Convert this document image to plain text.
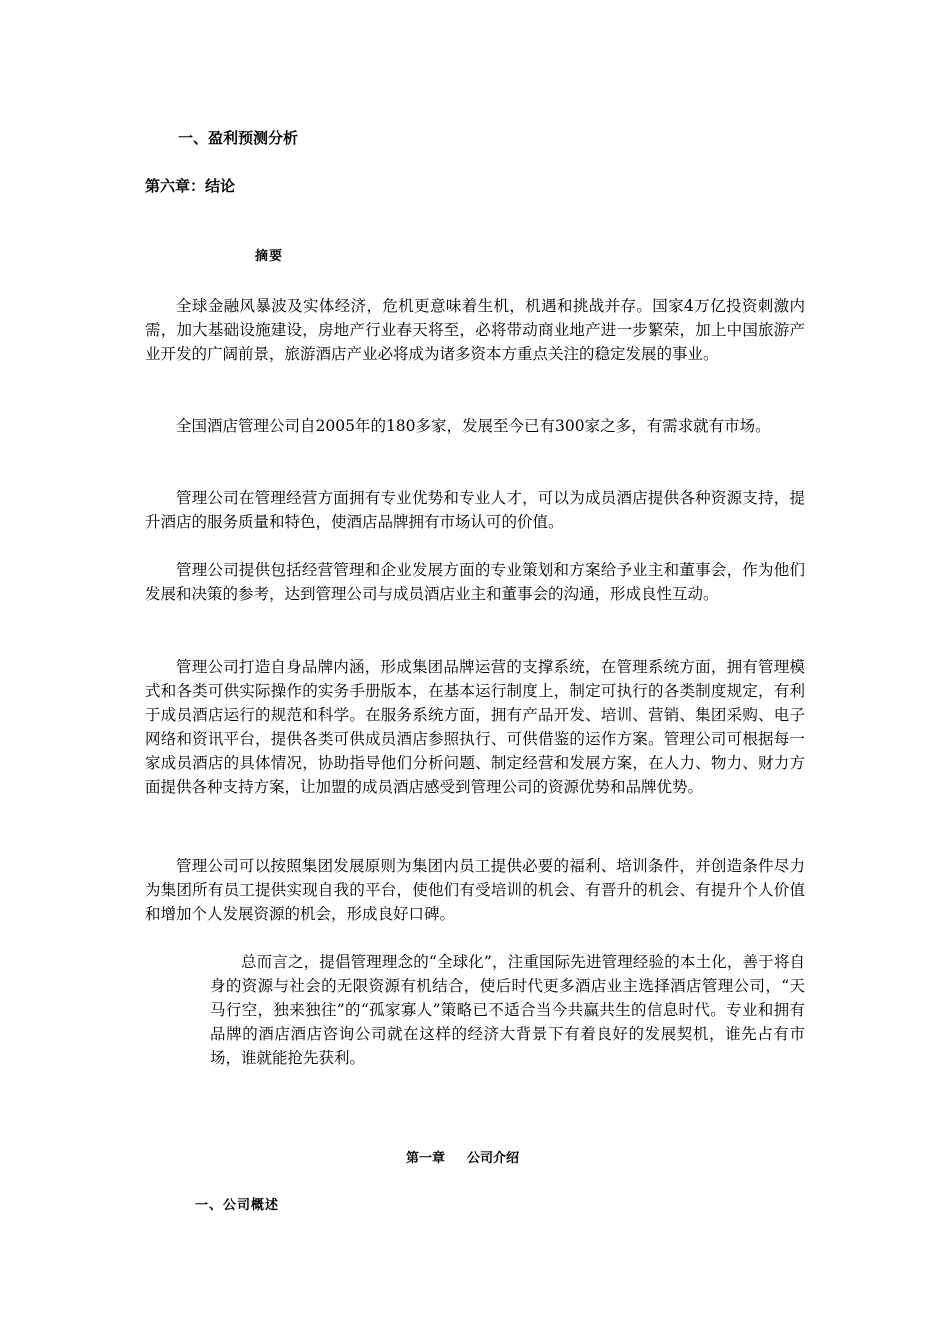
一、盈利预测分析
第六章：结论
摘要

全球金融风暴波及实体经济，危机更意味着生机，机遇和挑战并存。国家4万亿投资刺激内需，加大基础设施建设，房地产行业春天将至，必将带动商业地产进一步繁荣，加上中国旅游产业开发的广阔前景，旅游酒店产业必将成为诸多资本方重点关注的稳定发展的事业。

全国酒店管理公司自2005年的180多家，发展至今已有300家之多，有需求就有市场。

管理公司在管理经营方面拥有专业优势和专业人才，可以为成员酒店提供各种资源支持，提升酒店的服务质量和特色，使酒店品牌拥有市场认可的价值。

管理公司提供包括经营管理和企业发展方面的专业策划和方案给予业主和董事会，作为他们发展和决策的参考，达到管理公司与成员酒店业主和董事会的沟通，形成良性互动。

管理公司打造自身品牌内涵，形成集团品牌运营的支撑系统，在管理系统方面，拥有管理模式和各类可供实际操作的实务手册版本，在基本运行制度上，制定可执行的各类制度规定，有利于成员酒店运行的规范和科学。在服务系统方面，拥有产品开发、培训、营销、集团采购、电子网络和资讯平台，提供各类可供成员酒店参照执行、可供借鉴的运作方案。管理公司可根据每一家成员酒店的具体情况，协助指导他们分析问题、制定经营和发展方案，在人力、物力、财力方面提供各种支持方案，让加盟的成员酒店感受到管理公司的资源优势和品牌优势。

管理公司可以按照集团发展原则为集团内员工提供必要的福利、培训条件，并创造条件尽力为集团所有员工提供实现自我的平台，使他们有受培训的机会、有晋升的机会、有提升个人价值和增加个人发展资源的机会，形成良好口碑。

总而言之，提倡管理理念的“全球化”，注重国际先进管理经验的本土化，善于将自身的资源与社会的无限资源有机结合，使后时代更多酒店业主选择酒店管理公司，“天马行空，独来独往”的“孤家寡人”策略已不适合当今共赢共生的信息时代。专业和拥有品牌的酒店酒店咨询公司就在这样的经济大背景下有着良好的发展契机，谁先占有市场，谁就能抢先获利。

第一章 公司介绍
一、公司概述
